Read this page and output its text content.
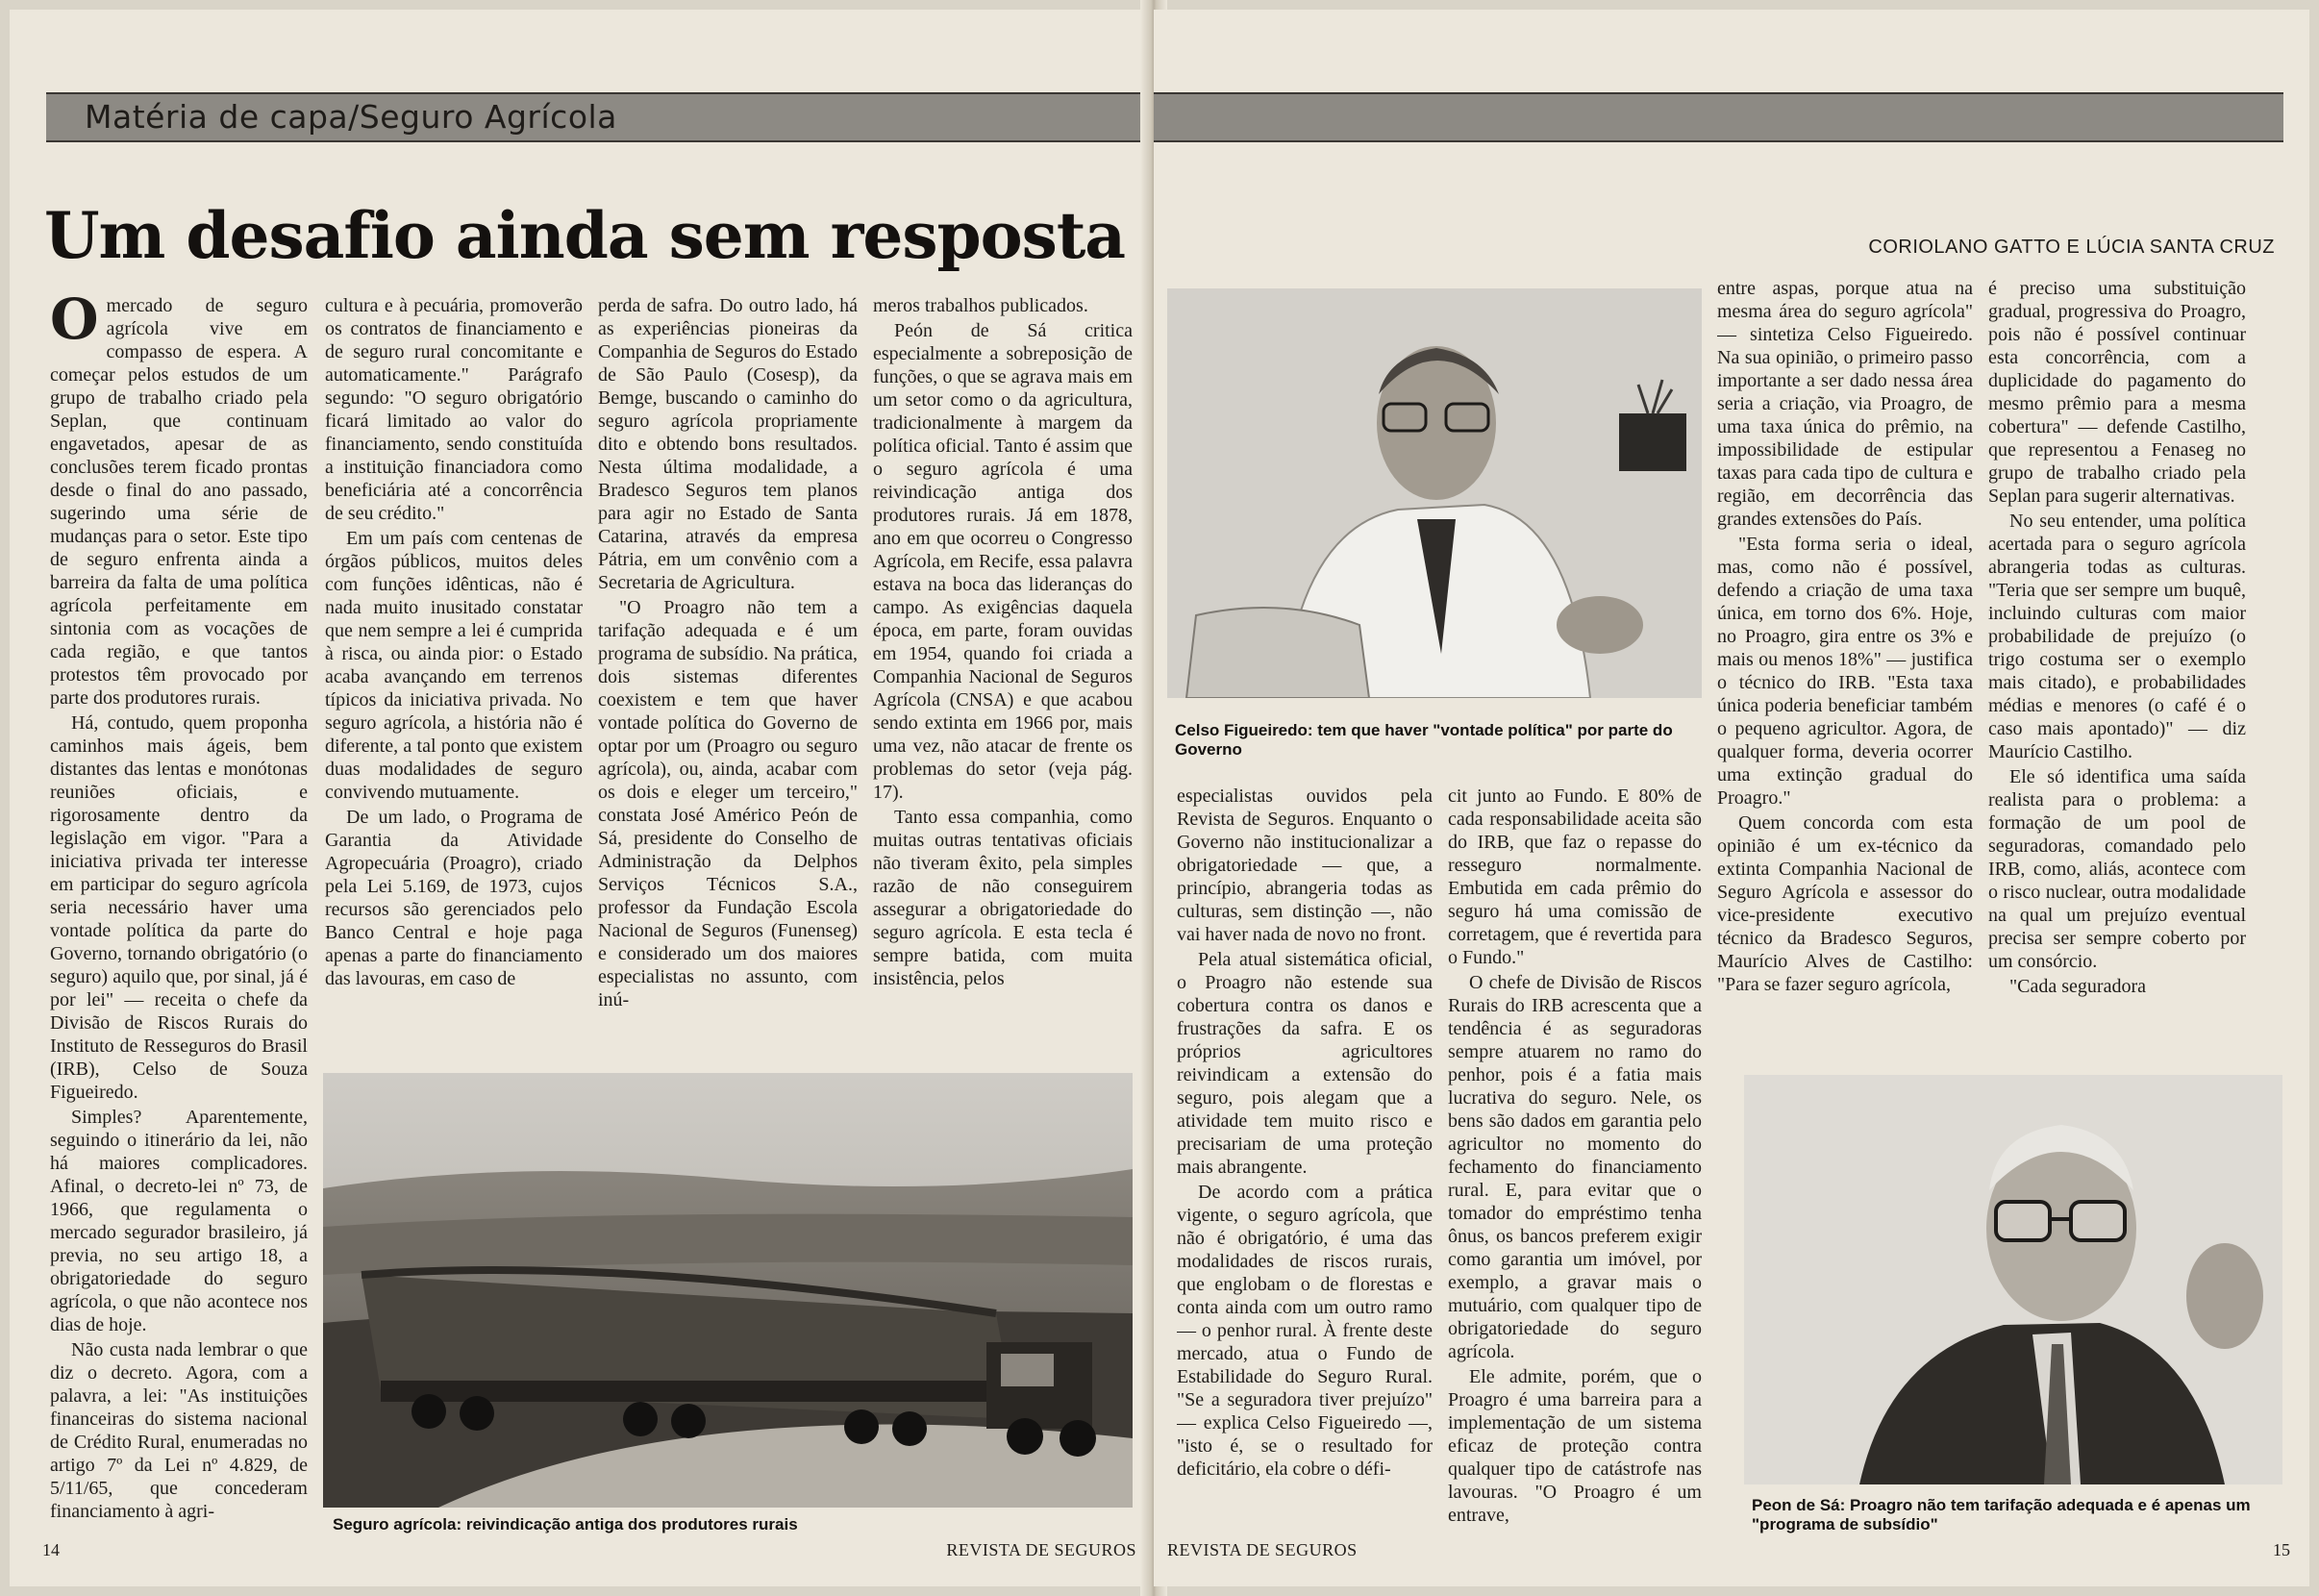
Matéria de capa/Seguro Agrícola
Um desafio ainda sem resposta

Omercado de seguro agrícola vive em compasso de espera. A começar pelos estudos de um grupo de trabalho criado pela Seplan, que continuam engavetados, apesar de as conclusões terem ficado prontas desde o final do ano passado, sugerindo uma série de mudanças para o setor. Este tipo de seguro enfrenta ainda a barreira da falta de uma política agrícola perfeitamente em sintonia com as vocações de cada região, e que tantos protestos têm provocado por parte dos produtores rurais.

Há, contudo, quem proponha caminhos mais ágeis, bem distantes das lentas e monótonas reuniões oficiais, e rigorosamente dentro da legislação em vigor. "Para a iniciativa privada ter interesse em participar do seguro agrícola seria necessário haver uma vontade política da parte do Governo, tornando obrigatório (o seguro) aquilo que, por sinal, já é por lei" — receita o chefe da Divisão de Riscos Rurais do Instituto de Resseguros do Brasil (IRB), Celso de Souza Figueiredo.

Simples? Aparentemente, seguindo o itinerário da lei, não há maiores complicadores. Afinal, o decreto-lei nº 73, de 1966, que regulamenta o mercado segurador brasileiro, já previa, no seu artigo 18, a obrigatoriedade do seguro agrícola, o que não acontece nos dias de hoje.

Não custa nada lembrar o que diz o decreto. Agora, com a palavra, a lei: "As instituições financeiras do sistema nacional de Crédito Rural, enumeradas no artigo 7º da Lei nº 4.829, de 5/11/65, que concederam financiamento à agri-

cultura e à pecuária, promoverão os contratos de financiamento e de seguro rural concomitante e automaticamente." Parágrafo segundo: "O seguro obrigatório ficará limitado ao valor do financiamento, sendo constituída a instituição financiadora como beneficiária até a concorrência de seu crédito."

Em um país com centenas de órgãos públicos, muitos deles com funções idênticas, não é nada muito inusitado constatar que nem sempre a lei é cumprida à risca, ou ainda pior: o Estado acaba avançando em terrenos típicos da iniciativa privada. No seguro agrícola, a história não é diferente, a tal ponto que existem duas modalidades de seguro convivendo mutuamente.

De um lado, o Programa de Garantia da Atividade Agropecuária (Proagro), criado pela Lei 5.169, de 1973, cujos recursos são gerenciados pelo Banco Central e hoje paga apenas a parte do financiamento das lavouras, em caso de

perda de safra. Do outro lado, há as experiências pioneiras da Companhia de Seguros do Estado de São Paulo (Cosesp), da Bemge, buscando o caminho do seguro agrícola propriamente dito e obtendo bons resultados. Nesta última modalidade, a Bradesco Seguros tem planos para agir no Estado de Santa Catarina, através da empresa Pátria, em um convênio com a Secretaria de Agricultura.

"O Proagro não tem a tarifação adequada e é um programa de subsídio. Na prática, dois sistemas diferentes coexistem e tem que haver vontade política do Governo de optar por um (Proagro ou seguro agrícola), ou, ainda, acabar com os dois e eleger um terceiro," constata José Américo Peón de Sá, presidente do Conselho de Administração da Delphos Serviços Técnicos S.A., professor da Fundação Escola Nacional de Seguros (Funenseg) e considerado um dos maiores especialistas no assunto, com inú-

meros trabalhos publicados.

Peón de Sá critica especialmente a sobreposição de funções, o que se agrava mais em um setor como o da agricultura, tradicionalmente à margem da política oficial. Tanto é assim que o seguro agrícola é uma reivindicação antiga dos produtores rurais. Já em 1878, ano em que ocorreu o Congresso Agrícola, em Recife, essa palavra estava na boca das lideranças do campo. As exigências daquela época, em parte, foram ouvidas em 1954, quando foi criada a Companhia Nacional de Seguros Agrícola (CNSA) e que acabou sendo extinta em 1966 por, mais uma vez, não atacar de frente os problemas do setor (veja pág. 17).

Tanto essa companhia, como muitas outras tentativas oficiais não tiveram êxito, pela simples razão de não conseguirem assegurar a obrigatoriedade do seguro agrícola. E esta tecla é sempre batida, com muita insistência, pelos

Seguro agrícola: reivindicação antiga dos produtores rurais
14	REVISTA DE SEGUROS
CORIOLANO GATTO E LÚCIA SANTA CRUZ
Celso Figueiredo: tem que haver "vontade política" por parte do Governo

especialistas ouvidos pela Revista de Seguros. Enquanto o Governo não institucionalizar a obrigatoriedade — que, a princípio, abrangeria todas as culturas, sem distinção —, não vai haver nada de novo no front.

Pela atual sistemática oficial, o Proagro não estende sua cobertura contra os danos e frustrações da safra. E os próprios agricultores reivindicam a extensão do seguro, pois alegam que a atividade tem muito risco e precisariam de uma proteção mais abrangente.

De acordo com a prática vigente, o seguro agrícola, que não é obrigatório, é uma das modalidades de riscos rurais, que englobam o de florestas e conta ainda com um outro ramo — o penhor rural. À frente deste mercado, atua o Fundo de Estabilidade do Seguro Rural. "Se a seguradora tiver prejuízo" — explica Celso Figueiredo —, "isto é, se o resultado for deficitário, ela cobre o défi-

cit junto ao Fundo. E 80% de cada responsabilidade aceita são do IRB, que faz o repasse do resseguro normalmente. Embutida em cada prêmio do seguro há uma comissão de corretagem, que é revertida para o Fundo."

O chefe de Divisão de Riscos Rurais do IRB acrescenta que a tendência é as seguradoras sempre atuarem no ramo do penhor, pois é a fatia mais lucrativa do seguro. Nele, os bens são dados em garantia pelo agricultor no momento do fechamento do financiamento rural. E, para evitar que o tomador do empréstimo tenha ônus, os bancos preferem exigir como garantia um imóvel, por exemplo, a gravar mais o mutuário, com qualquer tipo de obrigatoriedade do seguro agrícola.

Ele admite, porém, que o Proagro é uma barreira para a implementação de um sistema eficaz de proteção contra qualquer tipo de catástrofe nas lavouras. "O Proagro é um entrave,

entre aspas, porque atua na mesma área do seguro agrícola" — sintetiza Celso Figueiredo. Na sua opinião, o primeiro passo importante a ser dado nessa área seria a criação, via Proagro, de uma taxa única do prêmio, na impossibilidade de estipular taxas para cada tipo de cultura e região, em decorrência das grandes extensões do País.

"Esta forma seria o ideal, mas, como não é possível, defendo a criação de uma taxa única, em torno dos 6%. Hoje, no Proagro, gira entre os 3% e mais ou menos 18%" — justifica o técnico do IRB. "Esta taxa única poderia beneficiar também o pequeno agricultor. Agora, de qualquer forma, deveria ocorrer uma extinção gradual do Proagro."

Quem concorda com esta opinião é um ex-técnico da extinta Companhia Nacional de Seguro Agrícola e assessor do vice-presidente executivo técnico da Bradesco Seguros, Maurício Alves de Castilho: "Para se fazer seguro agrícola,

é preciso uma substituição gradual, progressiva do Proagro, pois não é possível continuar esta concorrência, com a duplicidade do pagamento do mesmo prêmio para a mesma cobertura" — defende Castilho, que representou a Fenaseg no grupo de trabalho criado pela Seplan para sugerir alternativas.

No seu entender, uma política acertada para o seguro agrícola abrangeria todas as culturas. "Teria que ser sempre um buquê, incluindo culturas com maior probabilidade de prejuízo (o trigo costuma ser o exemplo mais citado), e probabilidades médias e menores (o café é o caso mais apontado)" — diz Maurício Castilho.

Ele só identifica uma saída realista para o problema: a formação de um pool de seguradoras, comandado pelo IRB, como, aliás, acontece com o risco nuclear, outra modalidade na qual um prejuízo eventual precisa ser sempre coberto por um consórcio.

"Cada seguradora

Peon de Sá: Proagro não tem tarifação adequada e é apenas um "programa de subsídio"
REVISTA DE SEGUROS	15
